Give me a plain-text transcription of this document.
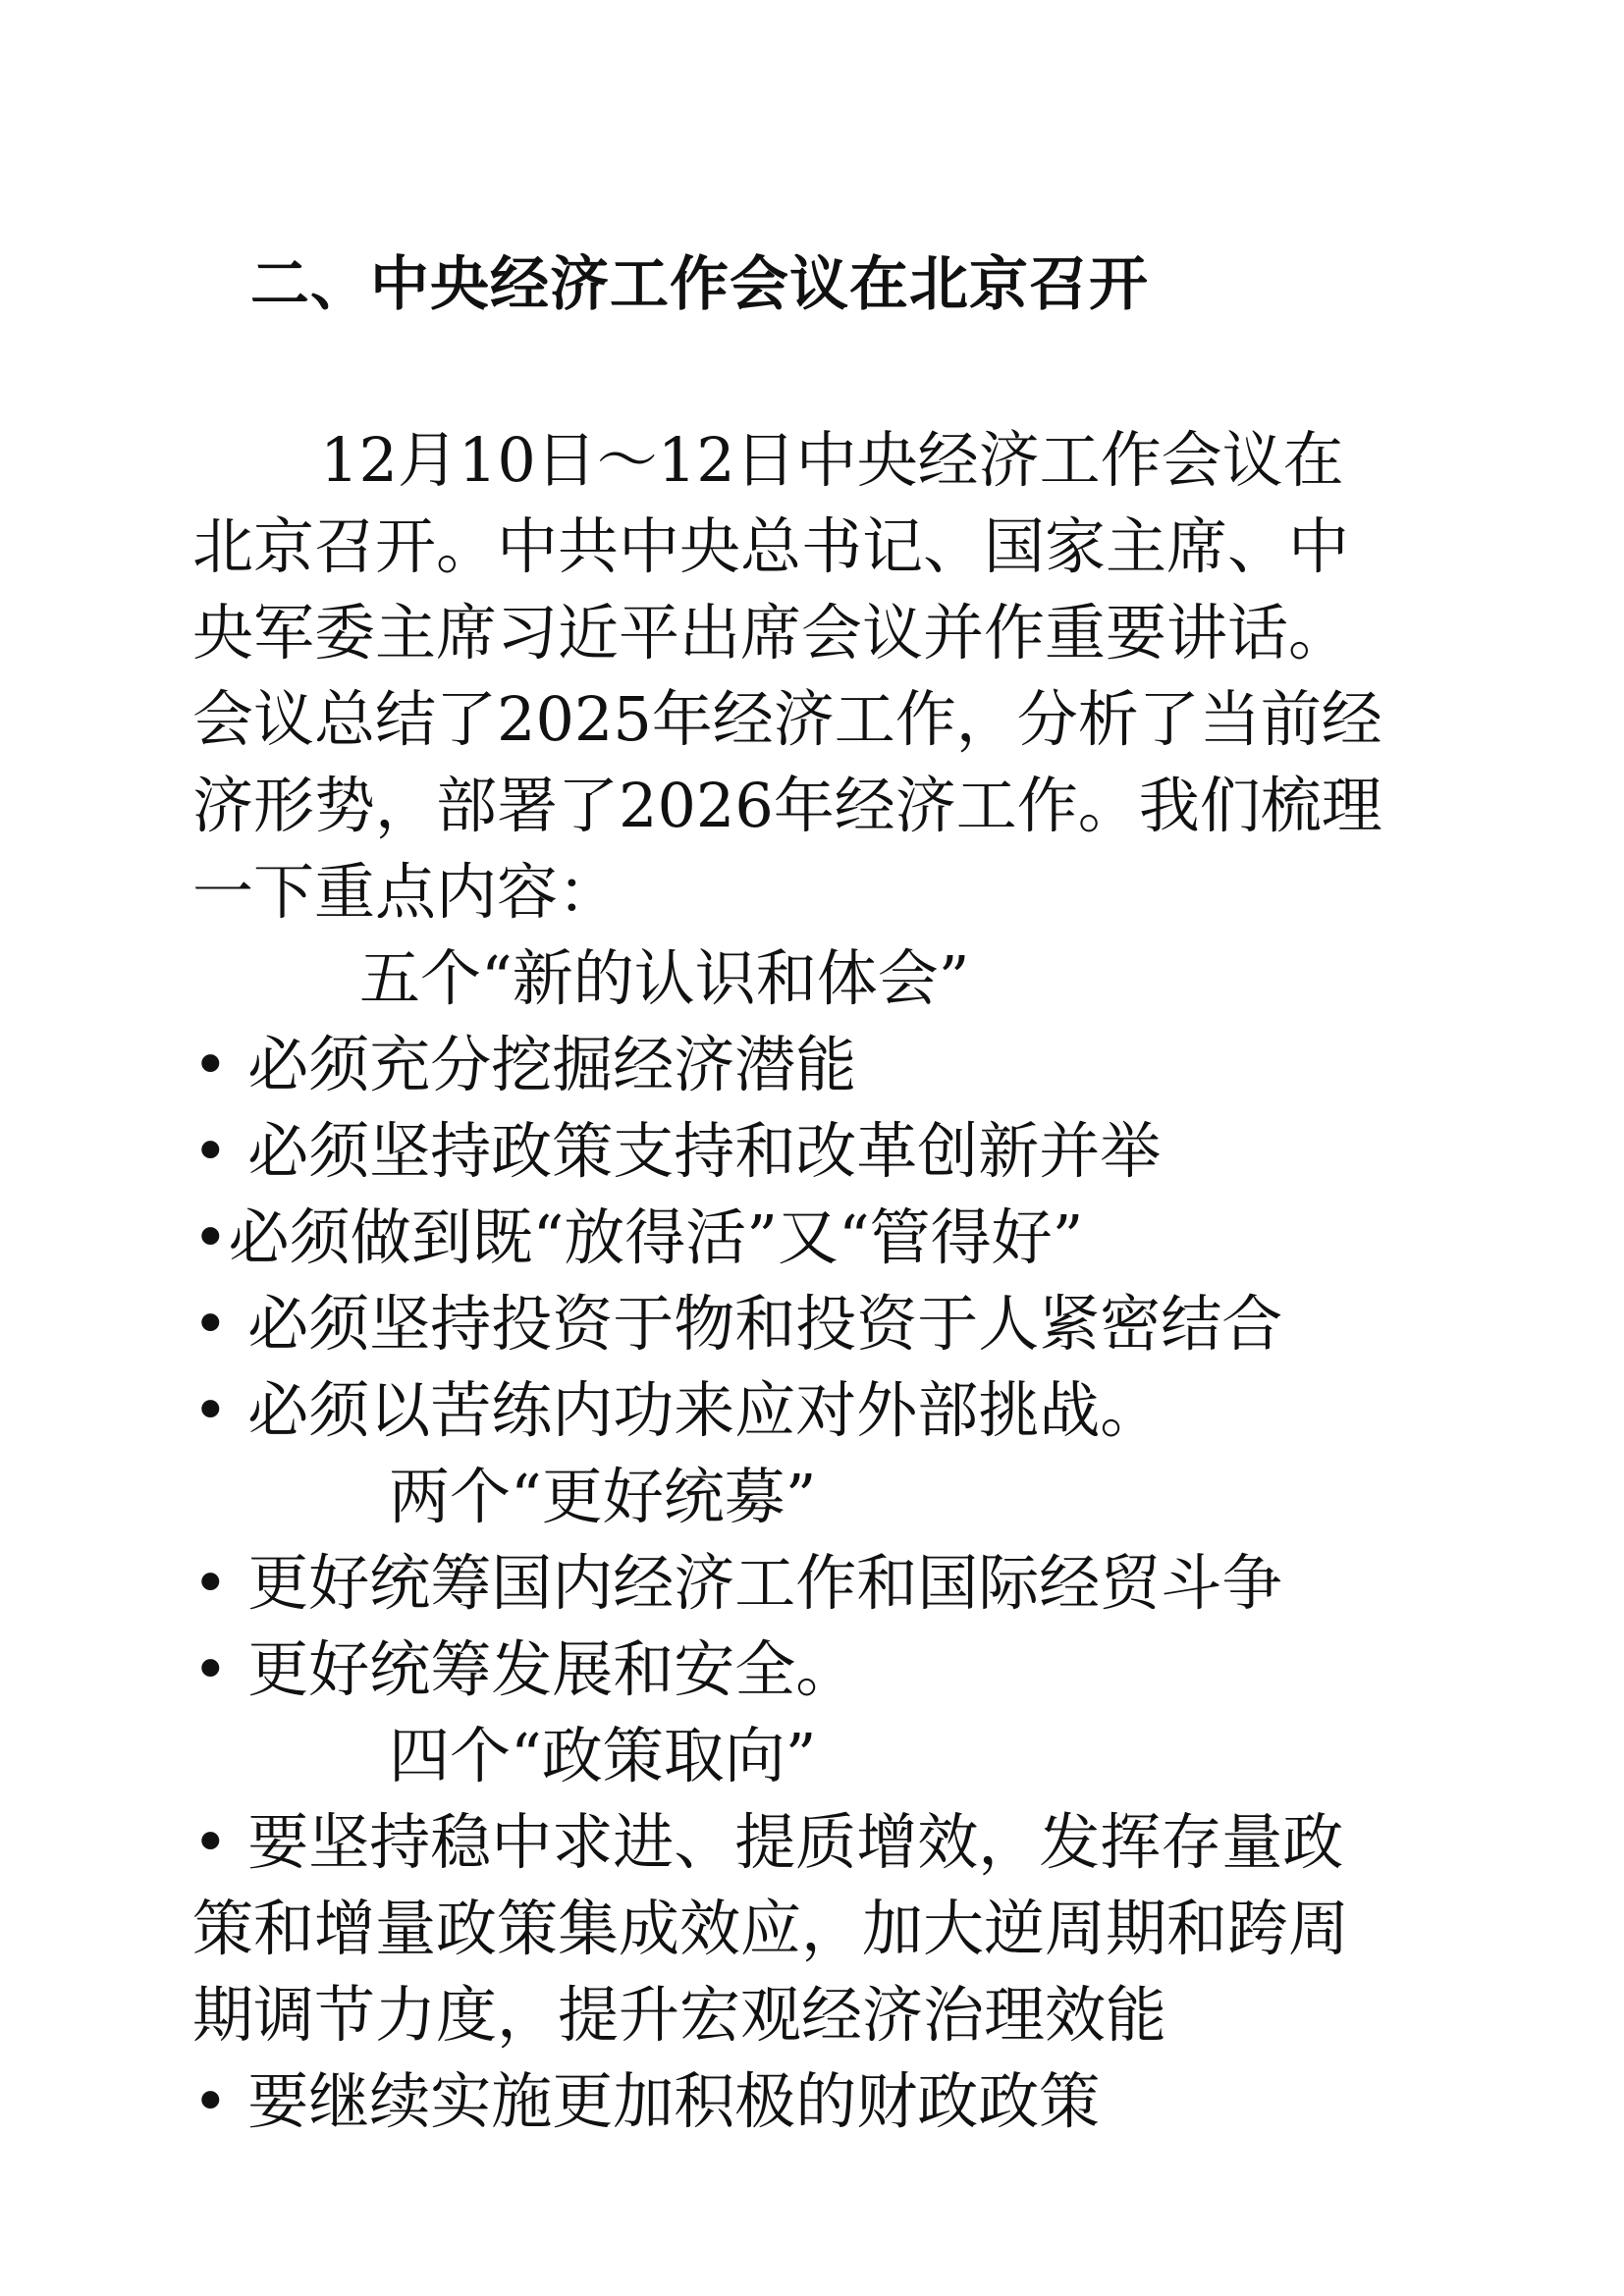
二、中央经济工作会议在北京召开

12月10日～12日中央经济工作会议在北京召开。中共中央总书记、国家主席、中央军委主席习近平出席会议并作重要讲话。会议总结了2025年经济工作，分析了当前经济形势，部署了2026年经济工作。我们梳理一下重点内容：

五个“新的认识和体会”

• 必须充分挖掘经济潜能

• 必须坚持政策支持和改革创新并举

•必须做到既“放得活”又“管得好”

• 必须坚持投资于物和投资于人紧密结合

• 必须以苦练内功来应对外部挑战。

两个“更好统募”

• 更好统筹国内经济工作和国际经贸斗争

• 更好统筹发展和安全。

四个“政策取向”

• 要坚持稳中求进、提质增效，发挥存量政策和增量政策集成效应，加大逆周期和跨周期调节力度，提升宏观经济治理效能

• 要继续实施更加积极的财政政策
